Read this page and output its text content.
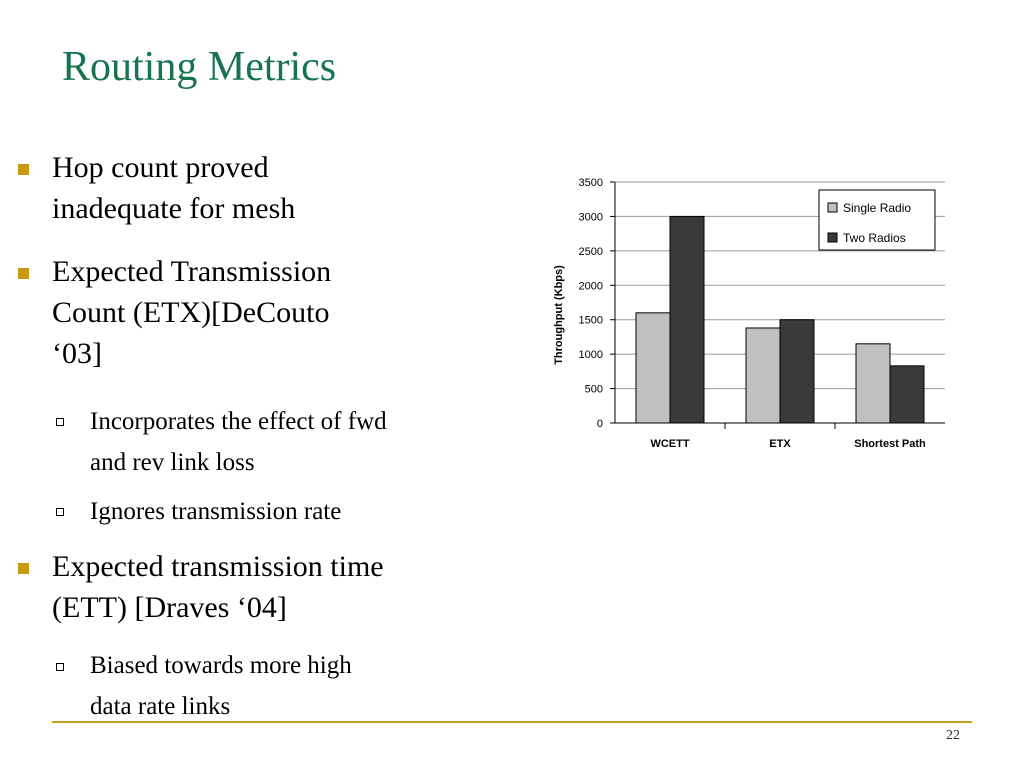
Routing Metrics
Hop count proved
inadequate for mesh
Expected Transmission
Count (ETX)[DeCouto
‘03]
Incorporates the effect of fwd
and rev link loss
Ignores transmission rate
Expected transmission time
(ETT) [Draves ‘04]
Biased towards more high
data rate links
0
500
1000
1500
2000
2500
3000
3500
WCETT	ETX	Shortest Path
Throughput (Kbps)
Single Radio
Two Radios
22
